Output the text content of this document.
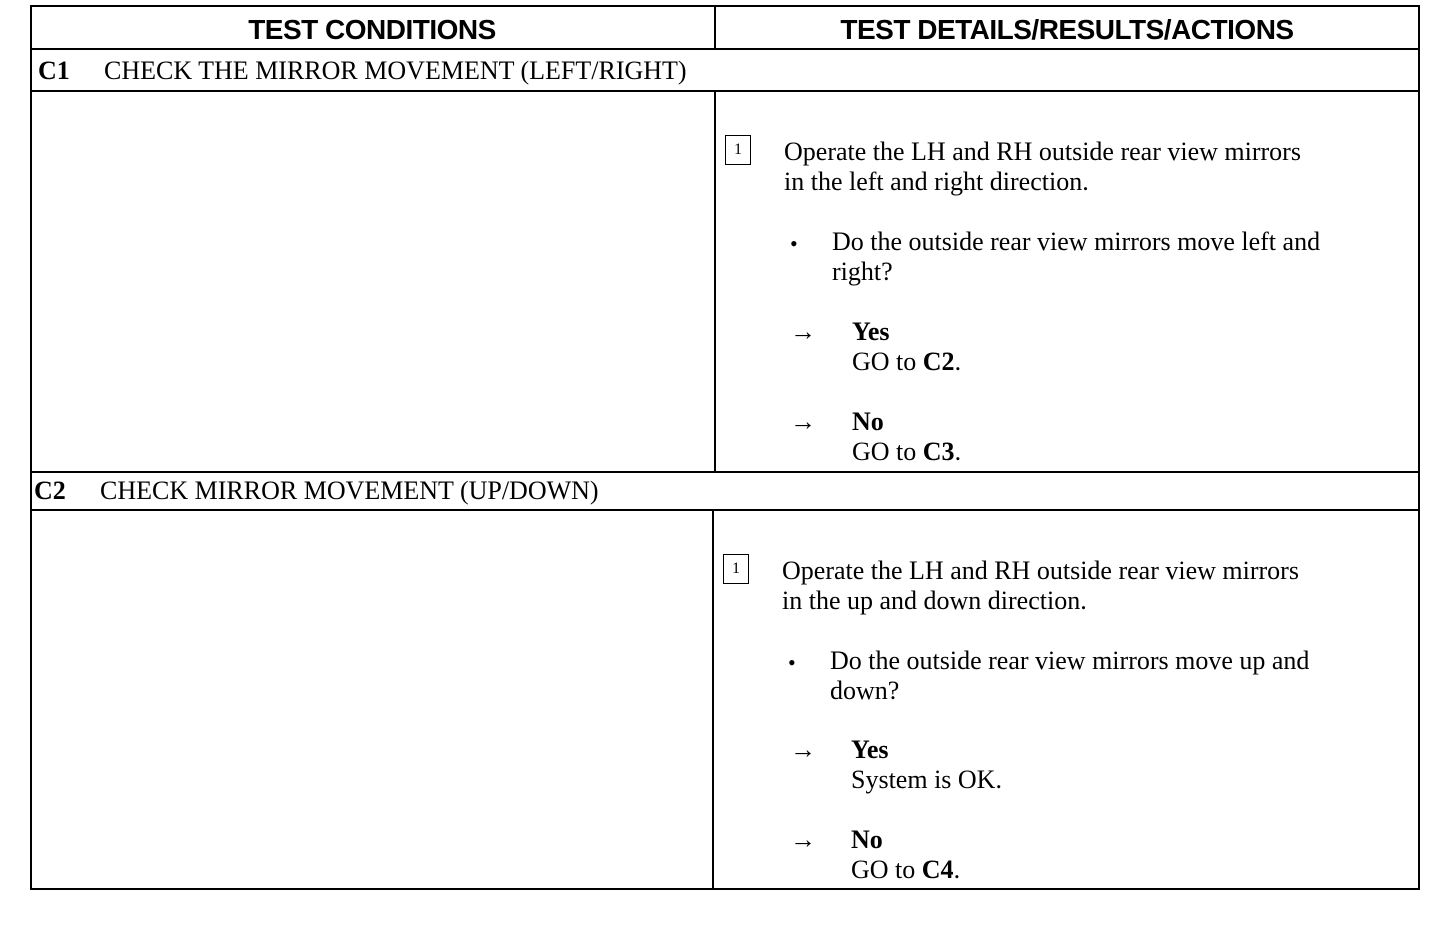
TEST CONDITIONS	TEST DETAILS/RESULTS/ACTIONS
C1 CHECK THE MIRROR MOVEMENT (LEFT/RIGHT)
1	Operate the LH and RH outside rear view mirrors
in the left and right direction.
• Do the outside rear view mirrors move left and
right?
→ Yes
GO to C2.
→ No
GO to C3.
C2 CHECK MIRROR MOVEMENT (UP/DOWN)
1	Operate the LH and RH outside rear view mirrors
in the up and down direction.
• Do the outside rear view mirrors move up and
down?
→ Yes
System is OK.
→ No
GO to C4.
